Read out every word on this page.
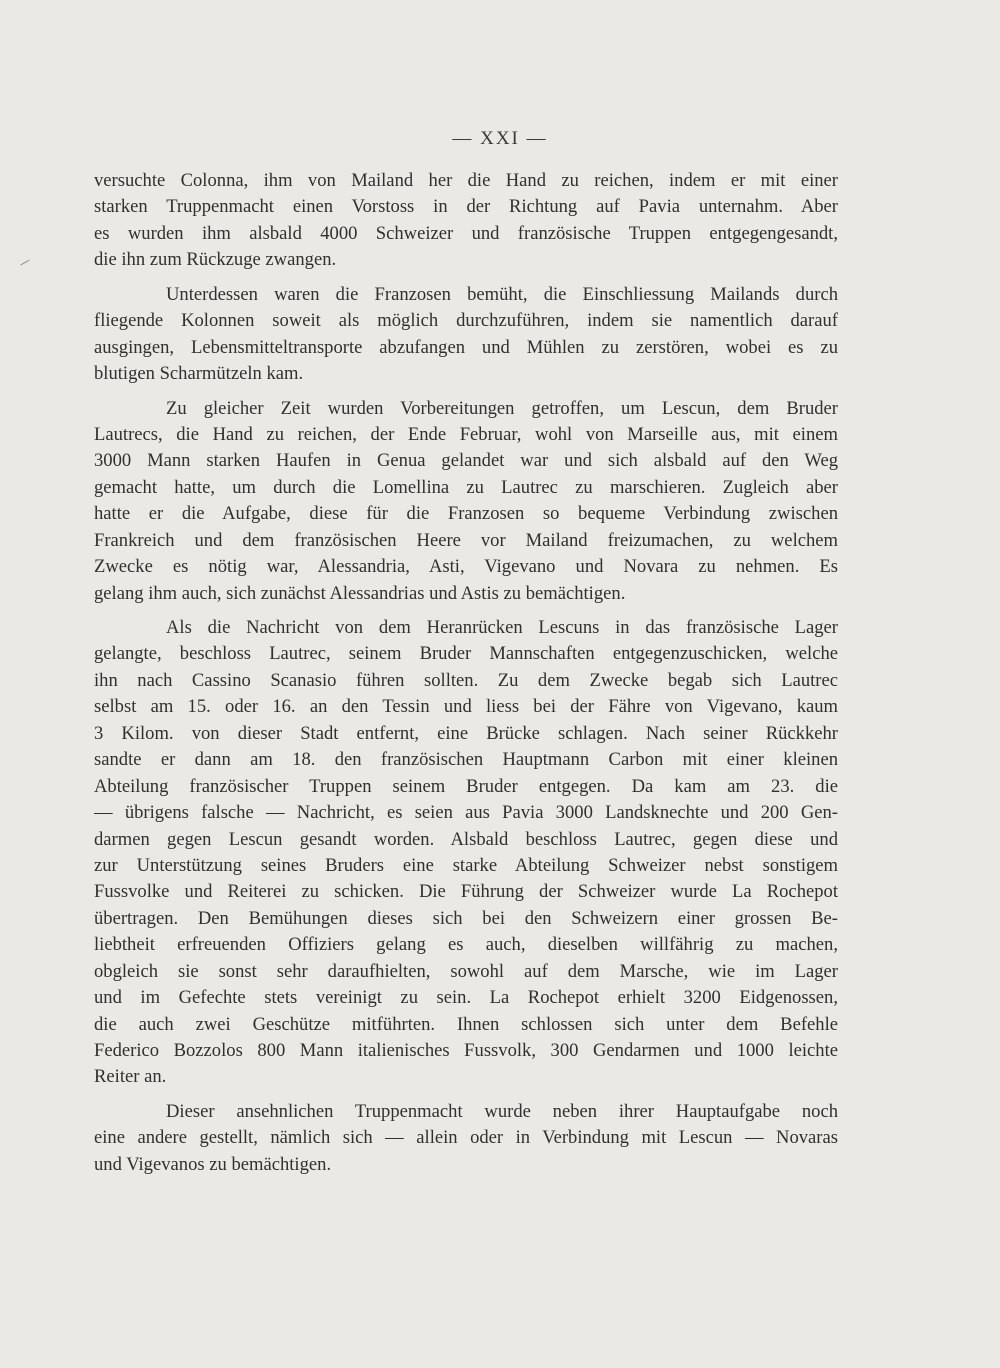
— XXI —
versuchte Colonna, ihm von Mailand her die Hand zu reichen, indem er mit einer
starken Truppenmacht einen Vorstoss in der Richtung auf Pavia unternahm. Aber
es wurden ihm alsbald 4000 Schweizer und französische Truppen entgegengesandt,
die ihn zum Rückzuge zwangen.
Unterdessen waren die Franzosen bemüht, die Einschliessung Mailands durch
fliegende Kolonnen soweit als möglich durchzuführen, indem sie namentlich darauf
ausgingen, Lebensmitteltransporte abzufangen und Mühlen zu zerstören, wobei es zu
blutigen Scharmützeln kam.
Zu gleicher Zeit wurden Vorbereitungen getroffen, um Lescun, dem Bruder
Lautrecs, die Hand zu reichen, der Ende Februar, wohl von Marseille aus, mit einem
3000 Mann starken Haufen in Genua gelandet war und sich alsbald auf den Weg
gemacht hatte, um durch die Lomellina zu Lautrec zu marschieren. Zugleich aber
hatte er die Aufgabe, diese für die Franzosen so bequeme Verbindung zwischen
Frankreich und dem französischen Heere vor Mailand freizumachen, zu welchem
Zwecke es nötig war, Alessandria, Asti, Vigevano und Novara zu nehmen. Es
gelang ihm auch, sich zunächst Alessandrias und Astis zu bemächtigen.
Als die Nachricht von dem Heranrücken Lescuns in das französische Lager
gelangte, beschloss Lautrec, seinem Bruder Mannschaften entgegenzuschicken, welche
ihn nach Cassino Scanasio führen sollten. Zu dem Zwecke begab sich Lautrec
selbst am 15. oder 16. an den Tessin und liess bei der Fähre von Vigevano, kaum
3 Kilom. von dieser Stadt entfernt, eine Brücke schlagen. Nach seiner Rückkehr
sandte er dann am 18. den französischen Hauptmann Carbon mit einer kleinen
Abteilung französischer Truppen seinem Bruder entgegen. Da kam am 23. die
— übrigens falsche — Nachricht, es seien aus Pavia 3000 Landsknechte und 200 Gen-
darmen gegen Lescun gesandt worden. Alsbald beschloss Lautrec, gegen diese und
zur Unterstützung seines Bruders eine starke Abteilung Schweizer nebst sonstigem
Fussvolke und Reiterei zu schicken. Die Führung der Schweizer wurde La Rochepot
übertragen. Den Bemühungen dieses sich bei den Schweizern einer grossen Be-
liebtheit erfreuenden Offiziers gelang es auch, dieselben willfährig zu machen,
obgleich sie sonst sehr daraufhielten, sowohl auf dem Marsche, wie im Lager
und im Gefechte stets vereinigt zu sein. La Rochepot erhielt 3200 Eidgenossen,
die auch zwei Geschütze mitführten. Ihnen schlossen sich unter dem Befehle
Federico Bozzolos 800 Mann italienisches Fussvolk, 300 Gendarmen und 1000 leichte
Reiter an.
Dieser ansehnlichen Truppenmacht wurde neben ihrer Hauptaufgabe noch
eine andere gestellt, nämlich sich — allein oder in Verbindung mit Lescun — Novaras
und Vigevanos zu bemächtigen.
